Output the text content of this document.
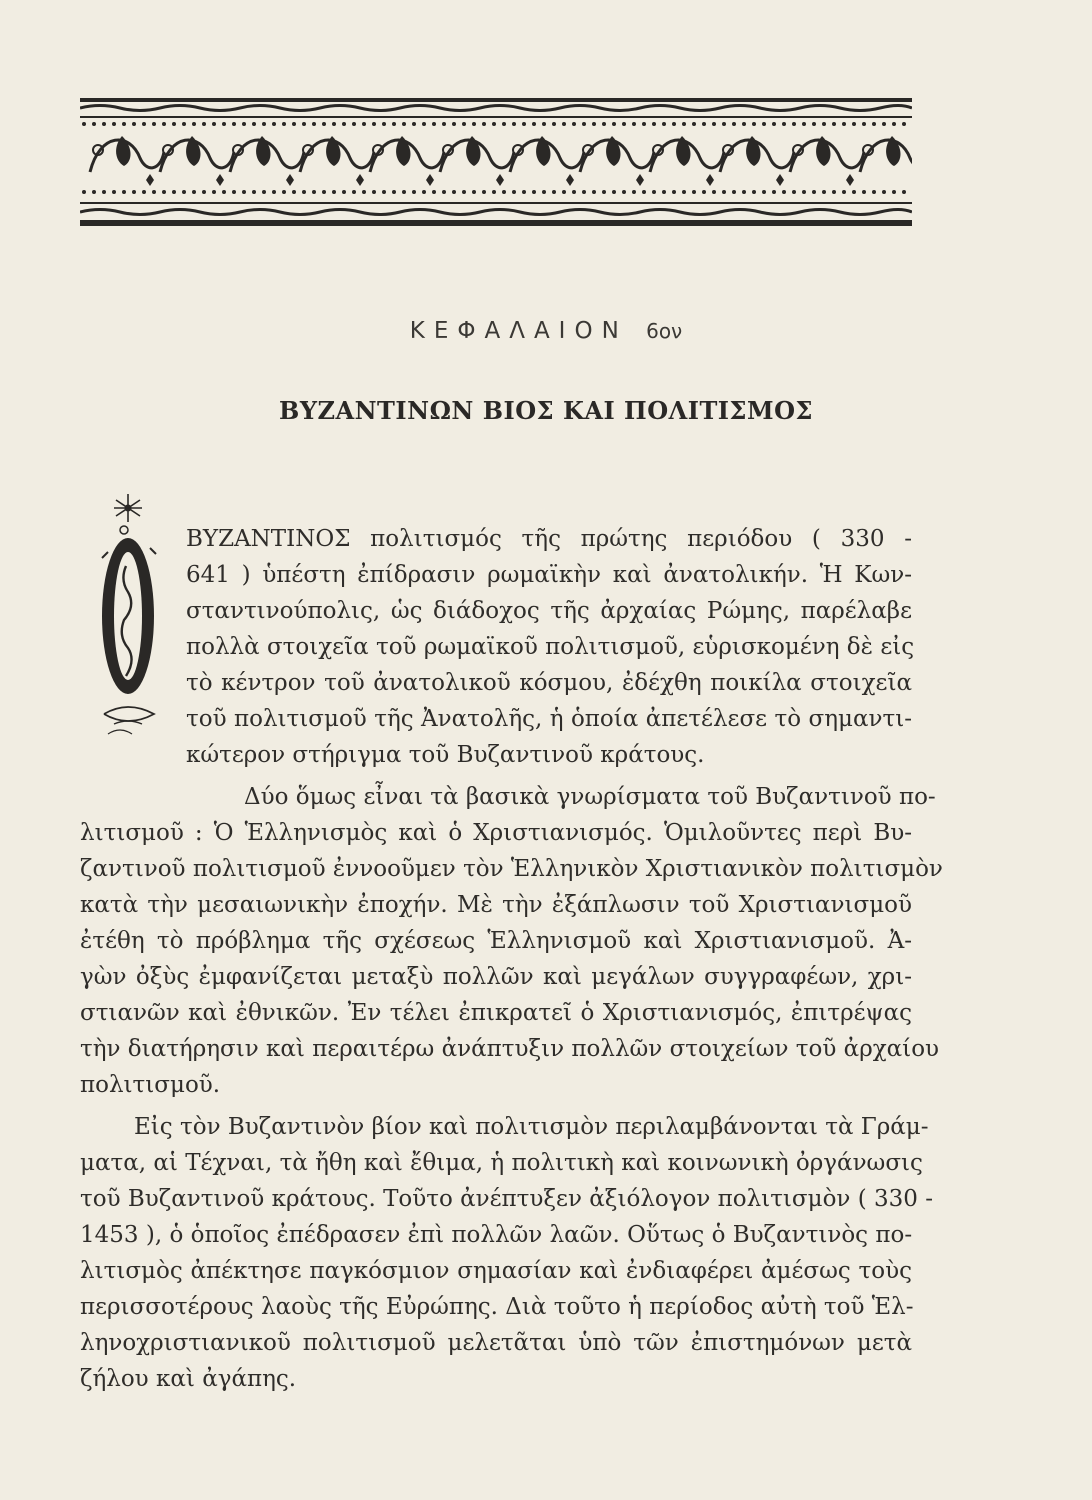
ΚΕΦΑΛΑΙΟΝ 6ον
ΒΥΖΑΝΤΙΝΩΝ ΒΙΟΣ ΚΑΙ ΠΟΛΙΤΙΣΜΟΣ

ΒΥΖΑΝΤΙΝΟΣ πολιτισμός τῆς πρώτης περιόδου ( 330 -

641 ) ὑπέστη ἐπίδρασιν ρωμαϊκὴν καὶ ἀνατολικήν. Ἡ Κων-

σταντινούπολις, ὡς διάδοχος τῆς ἀρχαίας Ρώμης, παρέλαβε

πολλὰ στοιχεῖα τοῦ ρωμαϊκοῦ πολιτισμοῦ, εὑρισκομένη δὲ εἰς

τὸ κέντρον τοῦ ἀνατολικοῦ κόσμου, ἐδέχθη ποικίλα στοιχεῖα

τοῦ πολιτισμοῦ τῆς Ἀνατολῆς, ἡ ὁποία ἀπετέλεσε τὸ σημαντι-

κώτερον στήριγμα τοῦ Βυζαντινοῦ κράτους.

Δύο ὅμως εἶναι τὰ βασικὰ γνωρίσματα τοῦ Βυζαντινοῦ πο-

λιτισμοῦ : Ὁ Ἑλληνισμὸς καὶ ὁ Χριστιανισμός. Ὁμιλοῦντες περὶ Βυ-

ζαντινοῦ πολιτισμοῦ ἐννοοῦμεν τὸν Ἑλληνικὸν Χριστιανικὸν πολιτισμὸν

κατὰ τὴν μεσαιωνικὴν ἐποχήν. Μὲ τὴν ἐξάπλωσιν τοῦ Χριστιανισμοῦ

ἐτέθη τὸ πρόβλημα τῆς σχέσεως Ἑλληνισμοῦ καὶ Χριστιανισμοῦ. Ἀ-

γὼν ὀξὺς ἐμφανίζεται μεταξὺ πολλῶν καὶ μεγάλων συγγραφέων, χρι-

στιανῶν καὶ ἐθνικῶν. Ἐν τέλει ἐπικρατεῖ ὁ Χριστιανισμός, ἐπιτρέψας

τὴν διατήρησιν καὶ περαιτέρω ἀνάπτυξιν πολλῶν στοιχείων τοῦ ἀρχαίου

πολιτισμοῦ.

Εἰς τὸν Βυζαντινὸν βίον καὶ πολιτισμὸν περιλαμβάνονται τὰ Γράμ-

ματα, αἱ Τέχναι, τὰ ἤθη καὶ ἔθιμα, ἡ πολιτικὴ καὶ κοινωνικὴ ὀργάνωσις

τοῦ Βυζαντινοῦ κράτους. Τοῦτο ἀνέπτυξεν ἀξιόλογον πολιτισμὸν ( 330 -

1453 ), ὁ ὁποῖος ἐπέδρασεν ἐπὶ πολλῶν λαῶν. Οὕτως ὁ Βυζαντινὸς πο-

λιτισμὸς ἀπέκτησε παγκόσμιον σημασίαν καὶ ἐνδιαφέρει ἀμέσως τοὺς

περισσοτέρους λαοὺς τῆς Εὐρώπης. Διὰ τοῦτο ἡ περίοδος αὐτὴ τοῦ Ἑλ-

ληνοχριστιανικοῦ πολιτισμοῦ μελετᾶται ὑπὸ τῶν ἐπιστημόνων μετὰ

ζήλου καὶ ἀγάπης.
